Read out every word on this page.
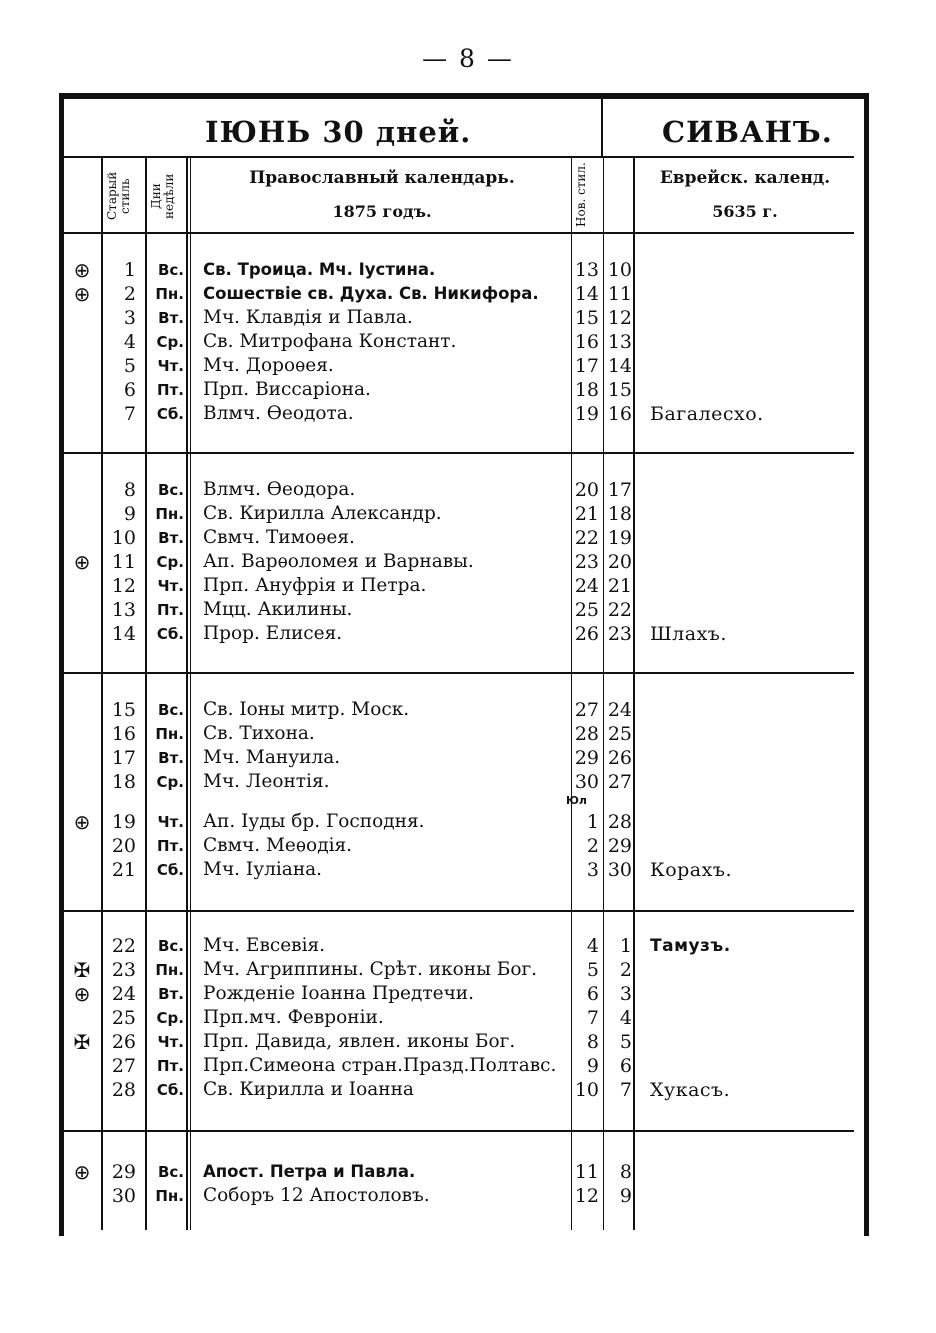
— 8 —
ІЮНЬ 30 дней.	СИВАНЪ.
Старый стиль	Дни недѣли	Православный календарь.
1875 годъ.	Нов. стил.	Еврейск. календ.
5635 г.
Юл
⊕	1	Вс. Св. Троица. Мч. Іустина.	13 10
⊕	2	Пн. Сошествіе св. Духа. Св. Никифора.	14 11
3	Вт. Мч. Клавдія и Павла.	15 12
4	Ср. Св. Митрофана Констант.	16 13
5	Чт. Мч. Дороѳея.	17 14
6	Пт. Прп. Виссаріона.	18 15
7	Сб. Влмч. Ѳеодота.	19 16 Багалесхо.
8	Вс. Влмч. Ѳеодора.	20 17
9	Пн. Св. Кирилла Александр.	21 18
10	Вт. Свмч. Тимоѳея.	22 19
⊕	11	Ср. Ап. Варѳоломея и Варнавы.	23 20
12	Чт. Прп. Ануфрія и Петра.	24 21
13	Пт. Мцц. Акилины.	25 22
14	Сб. Прор. Елисея.	26 23 Шлахъ.
15	Вс. Св. Іоны митр. Моск.	27 24
16	Пн. Св. Тихона.	28 25
17	Вт. Мч. Мануила.	29 26
18	Ср. Мч. Леонтія.	30 27
⊕	19	Чт. Ап. Іуды бр. Господня.	1 28
20	Пт. Свмч. Меѳодія.	2 29
21	Сб. Мч. Іуліана.	3 30 Корахъ.
22	Вс. Мч. Евсевія.	4	1 Тамузъ.
✠	23	Пн. Мч. Агриппины. Срѣт. иконы Бог.	5	2
⊕	24	Вт. Рожденіе Іоанна Предтечи.	6	3
25	Ср. Прп.мч. Февроніи.	7	4
✠	26	Чт. Прп. Давида, явлен. иконы Бог.	8	5
27	Пт. Прп.Симеона стран.Празд.Полтавс.	9	6
28	Сб. Св. Кирилла и Іоанна	10	7 Хукасъ.
⊕	29	Вс. Апост. Петра и Павла.	11	8
30	Пн. Соборъ 12 Апостоловъ.	12	9
